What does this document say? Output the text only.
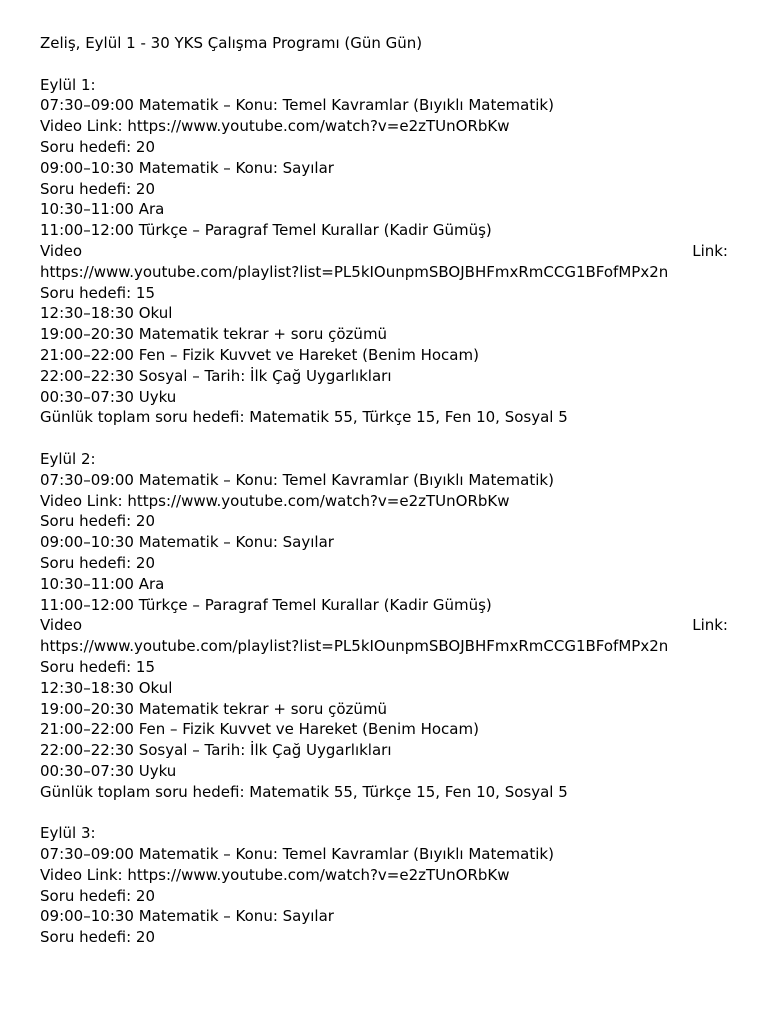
Zeliş, Eylül 1 - 30 YKS Çalışma Programı (Gün Gün)
Eylül 1:
07:30–09:00 Matematik – Konu: Temel Kavramlar (Bıyıklı Matematik)
Video Link: https://www.youtube.com/watch?v=e2zTUnORbKw
Soru hedefi: 20
09:00–10:30 Matematik – Konu: Sayılar
Soru hedefi: 20
10:30–11:00 Ara
11:00–12:00 Türkçe – Paragraf Temel Kurallar (Kadir Gümüş)
Video	Link:
https://www.youtube.com/playlist?list=PL5kIOunpmSBOJBHFmxRmCCG1BFofMPx2n
Soru hedefi: 15
12:30–18:30 Okul
19:00–20:30 Matematik tekrar + soru çözümü
21:00–22:00 Fen – Fizik Kuvvet ve Hareket (Benim Hocam)
22:00–22:30 Sosyal – Tarih: İlk Çağ Uygarlıkları
00:30–07:30 Uyku
Günlük toplam soru hedefi: Matematik 55, Türkçe 15, Fen 10, Sosyal 5
Eylül 2:
07:30–09:00 Matematik – Konu: Temel Kavramlar (Bıyıklı Matematik)
Video Link: https://www.youtube.com/watch?v=e2zTUnORbKw
Soru hedefi: 20
09:00–10:30 Matematik – Konu: Sayılar
Soru hedefi: 20
10:30–11:00 Ara
11:00–12:00 Türkçe – Paragraf Temel Kurallar (Kadir Gümüş)
Video	Link:
https://www.youtube.com/playlist?list=PL5kIOunpmSBOJBHFmxRmCCG1BFofMPx2n
Soru hedefi: 15
12:30–18:30 Okul
19:00–20:30 Matematik tekrar + soru çözümü
21:00–22:00 Fen – Fizik Kuvvet ve Hareket (Benim Hocam)
22:00–22:30 Sosyal – Tarih: İlk Çağ Uygarlıkları
00:30–07:30 Uyku
Günlük toplam soru hedefi: Matematik 55, Türkçe 15, Fen 10, Sosyal 5
Eylül 3:
07:30–09:00 Matematik – Konu: Temel Kavramlar (Bıyıklı Matematik)
Video Link: https://www.youtube.com/watch?v=e2zTUnORbKw
Soru hedefi: 20
09:00–10:30 Matematik – Konu: Sayılar
Soru hedefi: 20
